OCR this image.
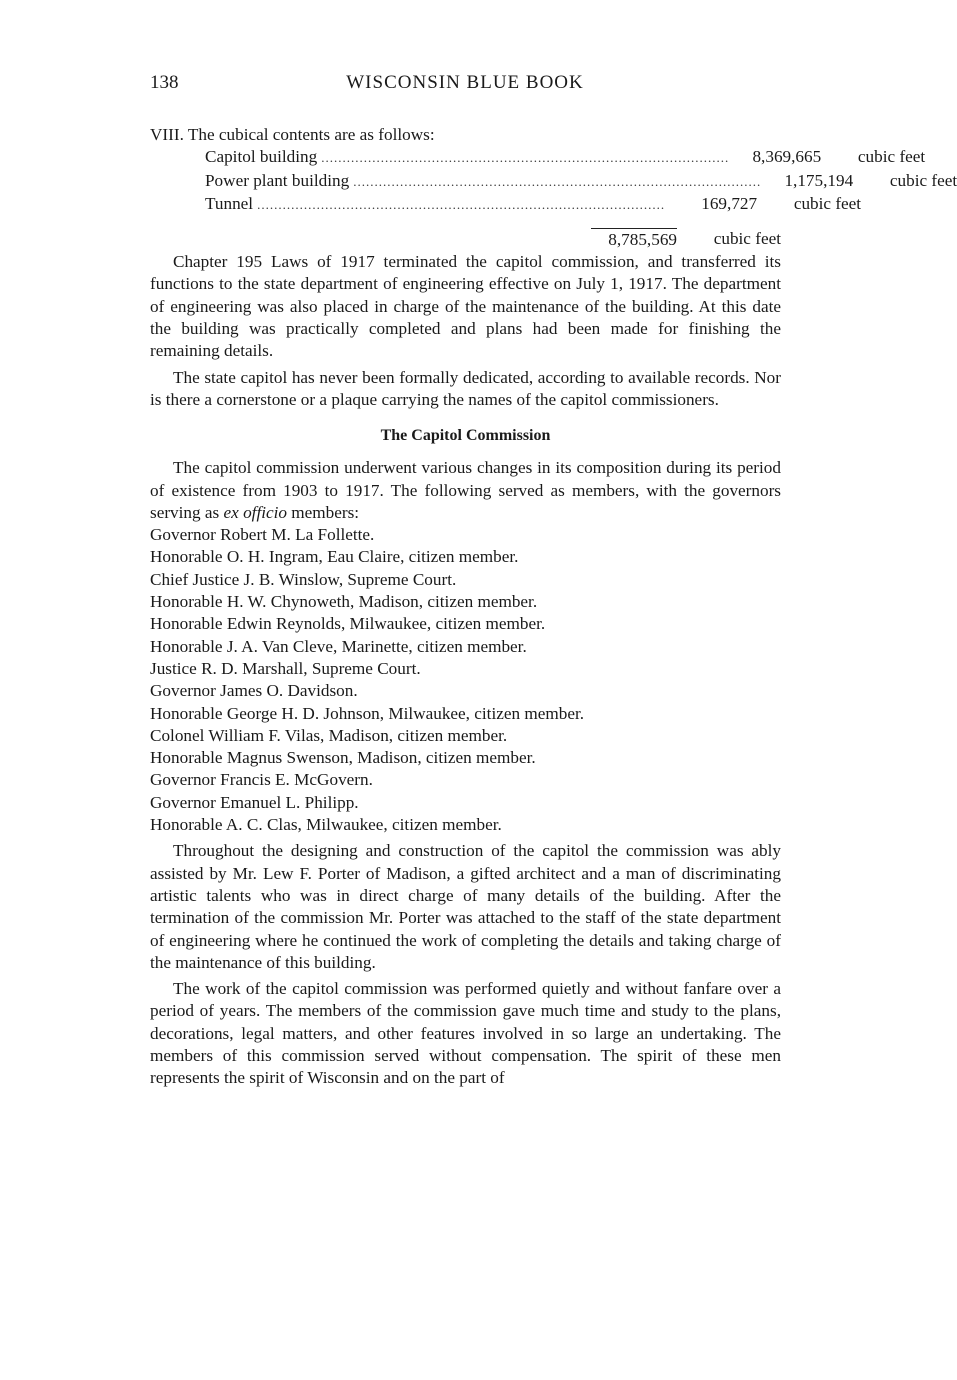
138	WISCONSIN BLUE BOOK

VIII. The cubical contents are as follows:

Capitol building ................................................................................................	8,369,665	cubic feet
Power plant building ................................................................................................	1,175,194	cubic feet
Tunnel ................................................................................................	169,727	cubic feet
8,785,569	cubic feet

Chapter 195 Laws of 1917 terminated the capitol commission, and transferred its functions to the state department of engineering effective on July 1, 1917. The department of engineering was also placed in charge of the maintenance of the building. At this date the building was practically completed and plans had been made for finishing the remaining details.

The state capitol has never been formally dedicated, according to available records. Nor is there a cornerstone or a plaque carrying the names of the capitol commissioners.

The Capitol Commission

The capitol commission underwent various changes in its composition during its period of existence from 1903 to 1917. The following served as members, with the governors serving as ex officio members:

Governor Robert M. La Follette.

Honorable O. H. Ingram, Eau Claire, citizen member.

Chief Justice J. B. Winslow, Supreme Court.

Honorable H. W. Chynoweth, Madison, citizen member.

Honorable Edwin Reynolds, Milwaukee, citizen member.

Honorable J. A. Van Cleve, Marinette, citizen member.

Justice R. D. Marshall, Supreme Court.

Governor James O. Davidson.

Honorable George H. D. Johnson, Milwaukee, citizen member.

Colonel William F. Vilas, Madison, citizen member.

Honorable Magnus Swenson, Madison, citizen member.

Governor Francis E. McGovern.

Governor Emanuel L. Philipp.

Honorable A. C. Clas, Milwaukee, citizen member.

Throughout the designing and construction of the capitol the commission was ably assisted by Mr. Lew F. Porter of Madison, a gifted architect and a man of discriminating artistic talents who was in direct charge of many details of the building. After the termination of the commission Mr. Porter was attached to the staff of the state department of engineering where he continued the work of completing the details and taking charge of the maintenance of this building.

The work of the capitol commission was performed quietly and without fanfare over a period of years. The members of the commission gave much time and study to the plans, decorations, legal matters, and other features involved in so large an undertaking. The members of this commission served without compensation. The spirit of these men represents the spirit of Wisconsin and on the part of
